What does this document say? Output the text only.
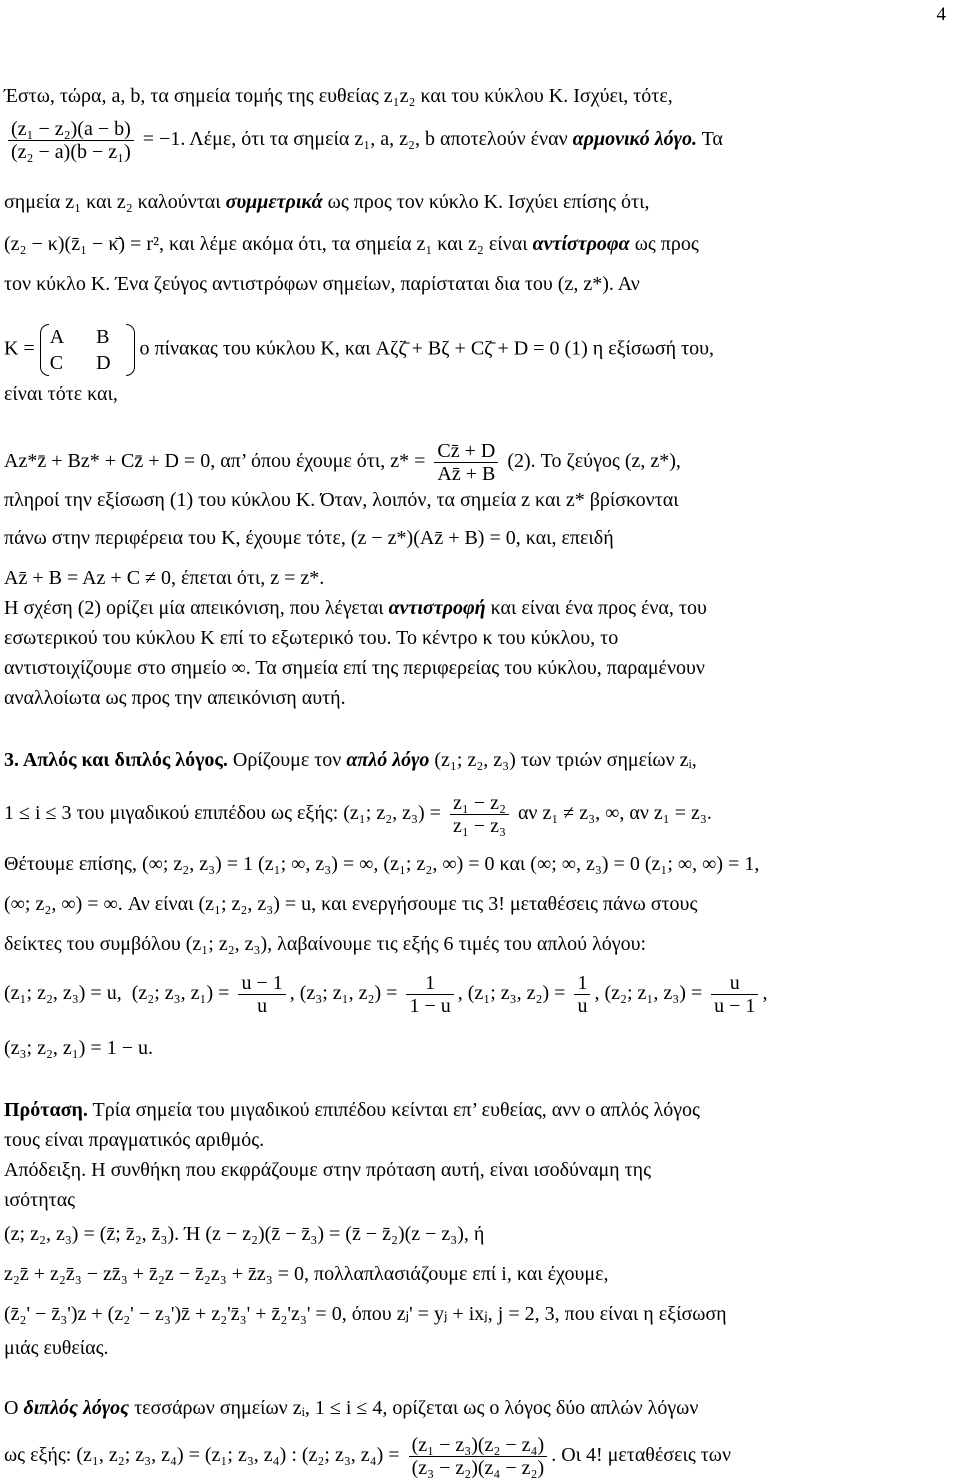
4
Έστω, τώρα, a, b, τα σημεία τομής της ευθείας z₁z₂ και του κύκλου K. Ισχύει, τότε,
$\frac{\text{(z₁ − z₂)(a − b)}}{\text{(z₂ − a)(b − z₁)}} = -1$. Λέμε, ότι τα σημεία z₁, a, z₂, b αποτελούν έναν αρμονικό λόγο. Τα
σημεία z₁ και z₂ καλούνται συμμετρικά ως προς τον κύκλο K. Ισχύει επίσης ότι,
(z₂ − κ)(z̄₁ − κ̄) = r², και λέμε ακόμα ότι, τα σημεία z₁ και z₂ είναι αντίστροφα ως προς
τον κύκλο K. Ένα ζεύγος αντιστρόφων σημείων, παρίσταται δια του (z, z*). Αν
K =
A B
C D
ο πίνακας του κύκλου K, και Aζζ̄ + Bζ + Cζ̄ + D = 0 (1) η εξίσωσή του,
είναι τότε και,
Az*z̄ + Bz* + Cz̄ + D = 0, απ’ όπου έχουμε ότι, $z* = \frac{Cz̄ + D}{Az̄ + B} (2)$. Το ζεύγος (z, z*),
πληροί την εξίσωση (1) του κύκλου K. Όταν, λοιπόν, τα σημεία z και z* βρίσκονται
πάνω στην περιφέρεια του K, έχουμε τότε, (z − z*)(Az̄ + B) = 0, και, επειδή
Az̄ + B = Az + C ≠ 0, έπεται ότι, z = z*.
Η σχέση (2) ορίζει μία απεικόνιση, που λέγεται αντιστροφή και είναι ένα προς ένα, του
εσωτερικού του κύκλου K επί το εξωτερικό του. Το κέντρο κ του κύκλου, το
αντιστοιχίζουμε στο σημείο ∞. Τα σημεία επί της περιφερείας του κύκλου, παραμένουν
αναλλοίωτα ως προς την απεικόνιση αυτή.
3. Απλός και διπλός λόγος. Ορίζουμε τον απλό λόγο (z₁; z₂, z₃) των τριών σημείων zᵢ,
1 ≤ i ≤ 3 του μιγαδικού επιπέδου ως εξής: (z₁; z₂, $z_3) = \frac{\text{z₁ − z₂}}{\text{z₁ − z₃}}$ αν z₁ ≠ z₃, ∞, αν z₁ = z₃.
Θέτουμε επίσης, (∞; z₂, z₃) = 1 (z₁; ∞, z₃) = ∞, (z₁; z₂, ∞) = 0 και (∞; ∞, z₃) = 0 (z₁; ∞, ∞) = 1,
(∞; z₂, ∞) = ∞. Αν είναι (z₁; z₂, z₃) = u, και ενεργήσουμε τις 3! μεταθέσεις πάνω στους
δείκτες του συμβόλου (z₁; z₂, z₃), λαβαίνουμε τις εξής 6 τιμές του απλού λόγου:
(z₁; z₂, z₃) = u, (z₂; z₃, $z_1) = \frac{u - 1}{u}$ , (z₃; z₁, $z_2) = \frac{1}{1 - u}$ , (z₁; z₃, $z_2) = \frac{1}{u}$ , (z₂; z₁, $z_3) = \frac{u}{u - 1}$ ,
(z₃; z₂, z₁) = 1 − u.
Πρόταση. Τρία σημεία του μιγαδικού επιπέδου κείνται επ’ ευθείας, ανν ο απλός λόγος
τους είναι πραγματικός αριθμός.
Απόδειξη. Η συνθήκη που εκφράζουμε στην πρόταση αυτή, είναι ισοδύναμη της
ισότητας
(z; z₂, z₃) = (z̄; z̄₂, z̄₃). Ή (z − z₂)(z̄ − z̄₃) = (z̄ − z̄₂)(z − z₃), ή
z₂z̄ + z₂z̄₃ − zz̄₃ + z̄₂z − z̄₂z₃ + z̄z₃ = 0, πολλαπλασιάζουμε επί i, και έχουμε,
(z̄₂' − z̄₃')z + (z₂' − z₃')z̄ + z₂'z̄₃' + z̄₂'z₃' = 0, όπου zⱼ' = yⱼ + ixⱼ, j = 2, 3, που είναι η εξίσωση
μιάς ευθείας.
Ο διπλός λόγος τεσσάρων σημείων zᵢ, 1 ≤ i ≤ 4, ορίζεται ως ο λόγος δύο απλών λόγων
ως εξής: (z₁, z₂; z₃, z₄) = (z₁; z₃, z₄) : (z₂; z₃, $z_4) = \frac{\text{(z₁ − z₃)(z₂ − z₄)}}{\text{(z₃ − z₂)(z₄ − z₂)}}$ . Οι 4! μεταθέσεις των
